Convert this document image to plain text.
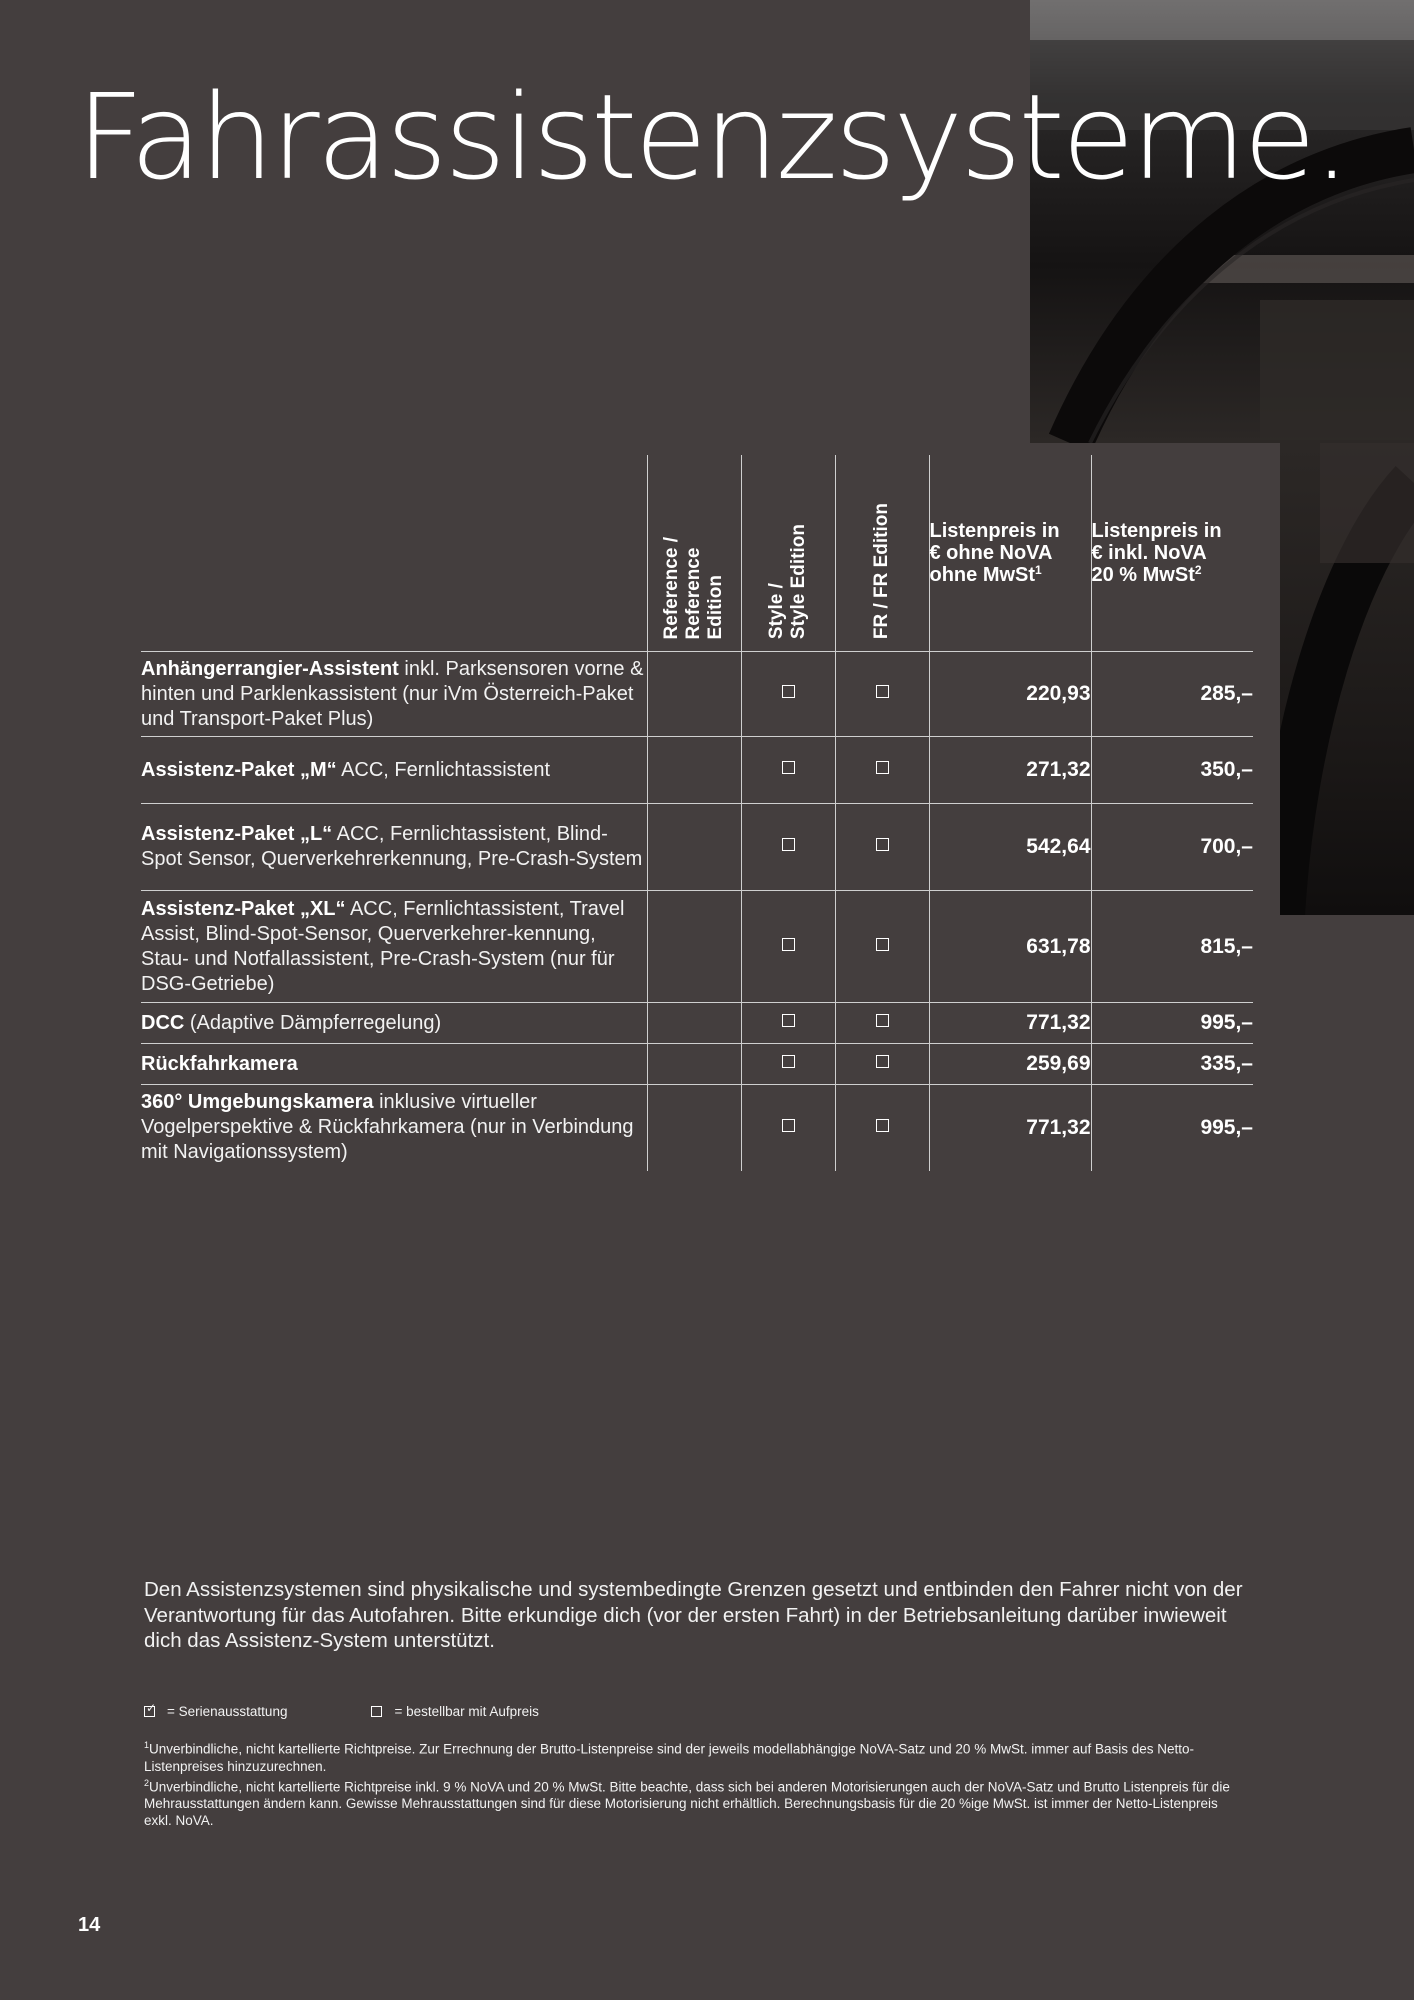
Fahrassistenzsysteme.

	Reference /
Reference
Edition	Style /
Style Edition	FR / FR Edition	Listenpreis in
€ ohne NoVA
ohne MwSt$^1$	Listenpreis in
€ inkl. NoVA
20 % MwSt$^2$
Anhängerrangier-Assistent inkl. Parksensoren vorne & hinten und Parklenkassistent (nur iVm Österreich-Paket und Transport-Paket Plus)				220,93	285,–
Assistenz-Paket „M“ ACC, Fernlichtassistent				271,32	350,–
Assistenz-Paket „L“ ACC, Fernlichtassistent, Blind-Spot Sensor, Querverkehrerkennung, Pre-Crash-System				542,64	700,–
Assistenz-Paket „XL“ ACC, Fernlichtassistent, Travel Assist, Blind-Spot-Sensor, Querverkehrer-kennung, Stau- und Notfallassistent, Pre-Crash-System (nur für DSG-Getriebe)				631,78	815,–
DCC (Adaptive Dämpferregelung)				771,32	995,–
Rückfahrkamera				259,69	335,–
360° Umgebungskamera inklusive virtueller Vogelperspektive & Rückfahrkamera (nur in Verbindung mit Navigationssystem)				771,32	995,–

Den Assistenzsystemen sind physikalische und systembedingte Grenzen gesetzt und entbinden den Fahrer nicht von der Verantwortung für das Autofahren. Bitte erkundige dich (vor der ersten Fahrt) in der Betriebsanleitung darüber inwieweit dich das Assistenz-System unterstützt.

✓ = Serienausstattung	= bestellbar mit Aufpreis

$^1$Unverbindliche, nicht kartellierte Richtpreise. Zur Errechnung der Brutto-Listenpreise sind der jeweils modellabhängige NoVA-Satz und 20 % MwSt. immer auf Basis des Netto-Listenpreises hinzuzurechnen.

$^2$Unverbindliche, nicht kartellierte Richtpreise inkl. 9 % NoVA und 20 % MwSt. Bitte beachte, dass sich bei anderen Motorisierungen auch der NoVA-Satz und Brutto Listenpreis für die Mehrausstattungen ändern kann. Gewisse Mehrausstattungen sind für diese Motorisierung nicht erhältlich. Berechnungsbasis für die 20 %ige MwSt. ist immer der Netto-Listenpreis exkl. NoVA.

14
